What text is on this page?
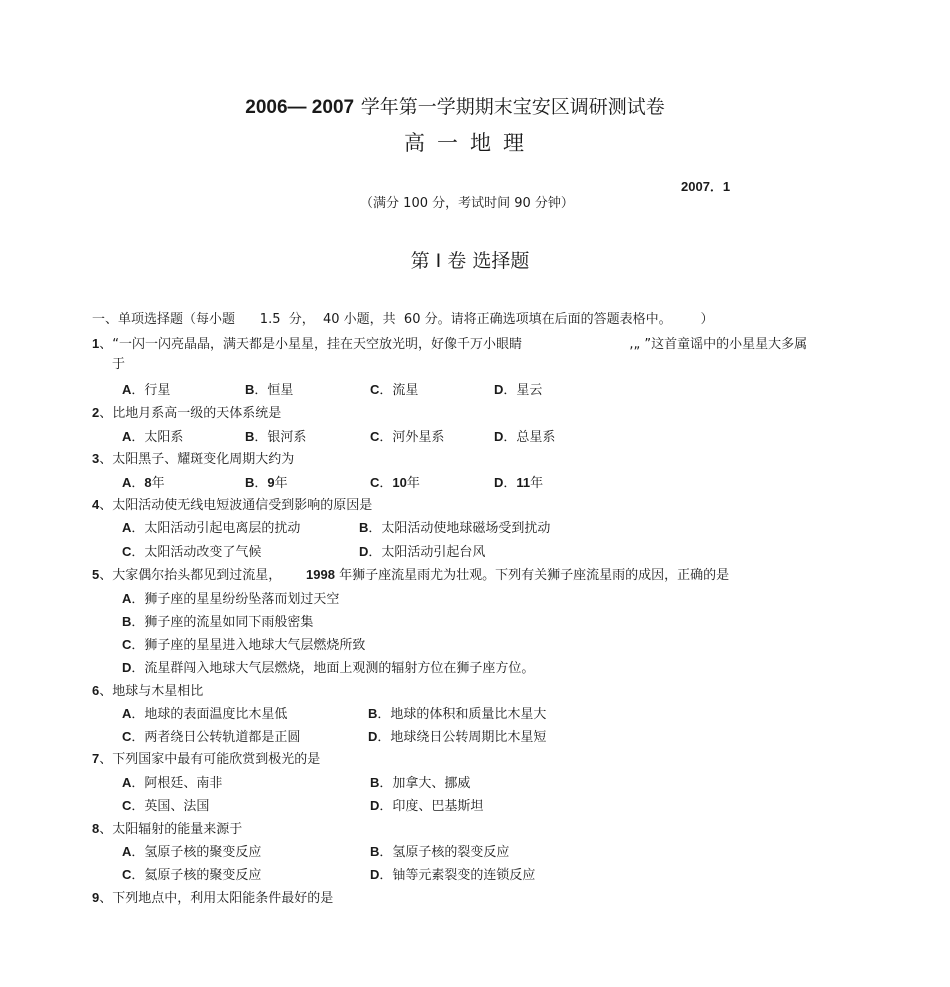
2006— 2007 学年第一学期期末宝安区调研测试卷
高一地理
2007．1
（满分 100 分，考试时间 90 分钟）
第 I 卷 选择题
一、单项选择题（每小题      1.5  分，  40 小题，共  60 分。请将正确选项填在后面的答题表格中。       ）
1、“一闪一闪亮晶晶，满天都是小星星，挂在天空放光明，好像千万小眼睛                          ,„ ”这首童谣中的小星星大多属
于
A．行星	B．恒星	C．流星	D．星云
2、比地月系高一级的天体系统是
A．太阳系	B．银河系	C．河外星系	D．总星系
3、太阳黑子、耀斑变化周期大约为
A．8年	B．9年	C．10年	D．11年
4、太阳活动使无线电短波通信受到影响的原因是
A．太阳活动引起电离层的扰动	B．太阳活动使地球磁场受到扰动
C．太阳活动改变了气候	D．太阳活动引起台风
5、大家偶尔抬头都见到过流星，      1998 年狮子座流星雨尤为壮观。下列有关狮子座流星雨的成因，正确的是
A．狮子座的星星纷纷坠落而划过天空
B．狮子座的流星如同下雨般密集
C．狮子座的星星进入地球大气层燃烧所致
D．流星群闯入地球大气层燃烧，地面上观测的辐射方位在狮子座方位。
6、地球与木星相比
A．地球的表面温度比木星低	B．地球的体积和质量比木星大
C．两者绕日公转轨道都是正圆	D．地球绕日公转周期比木星短
7、下列国家中最有可能欣赏到极光的是
A．阿根廷、南非	B．加拿大、挪威
C．英国、法国	D．印度、巴基斯坦
8、太阳辐射的能量来源于
A．氢原子核的聚变反应	B．氢原子核的裂变反应
C．氦原子核的聚变反应	D．铀等元素裂变的连锁反应
9、下列地点中，利用太阳能条件最好的是
